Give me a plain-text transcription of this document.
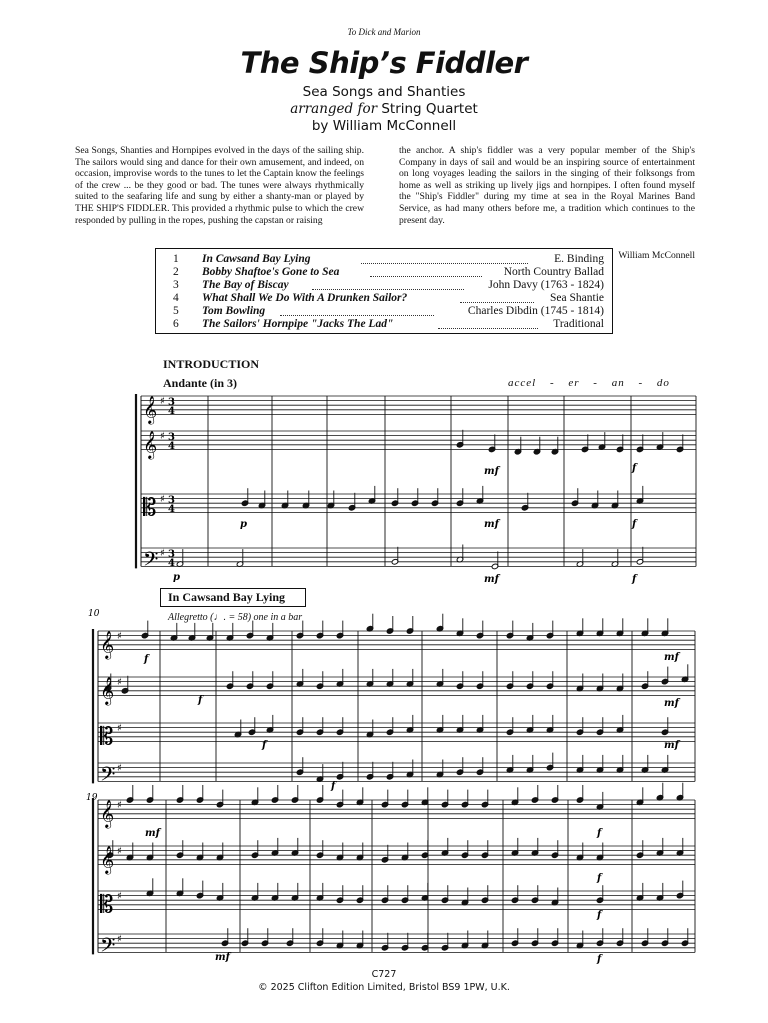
To Dick and Marion
The Ship’s Fiddler
Sea Songs and Shanties
arranged for String Quartet
by William McConnell
Sea Songs, Shanties and Hornpipes evolved in the days of the sailing ship. The sailors would sing and dance for their own amusement, and indeed, on occasion, improvise words to the tunes to let the Captain know the feelings of the crew ... be they good or bad. The tunes were always rhythmically suited to the seafaring life and sung by either a shanty-man or played by THE SHIP'S FIDDLER. This provided a rhythmic pulse to which the crew responded by pulling in the ropes, pushing the capstan or raising
the anchor. A ship's fiddler was a very popular member of the Ship's Company in days of sail and would be an inspiring source of entertainment on long voyages leading the sailors in the singing of their folksongs from home as well as striking up lively jigs and hornpipes. I often found myself the "Ship's Fiddler" during my time at sea in the Royal Marines Band Service, as had many others before me, a tradition which continues to the present day.
William McConnell
1 In Cawsand Bay Lying	E. Binding
2 Bobby Shaftoe's Gone to Sea	North Country Ballad
3 The Bay of Biscay	John Davy (1763 - 1824)
4 What Shall We Do With A Drunken Sailor?	Sea Shantie
5 Tom Bowling	Charles Dibdin (1745 - 1814)
6 The Sailors' Hornpipe "Jacks The Lad"	Traditional
INTRODUCTION
Andante (in 3)	accel - er - an - do
In Cawsand Bay Lying
Allegretto (♩. = 58) one in a bar
𝄞 ♯ 3
4
𝄞 ♯ 3
4
𝄡 ♯ 3
4
𝄢 ♯ 3
4
𝄞 ♯
𝄞 ♯
𝄡 ♯
𝄢 ♯
𝄞 ♯
𝄞 ♯
𝄡 ♯
𝄢 ♯
p
p
mf
mf
mf
f
f
f
f
f
f
f
mf
mf
mf
10
mf
mf
f
f
f
f
19
C727
© 2025 Clifton Edition Limited, Bristol BS9 1PW, U.K.
